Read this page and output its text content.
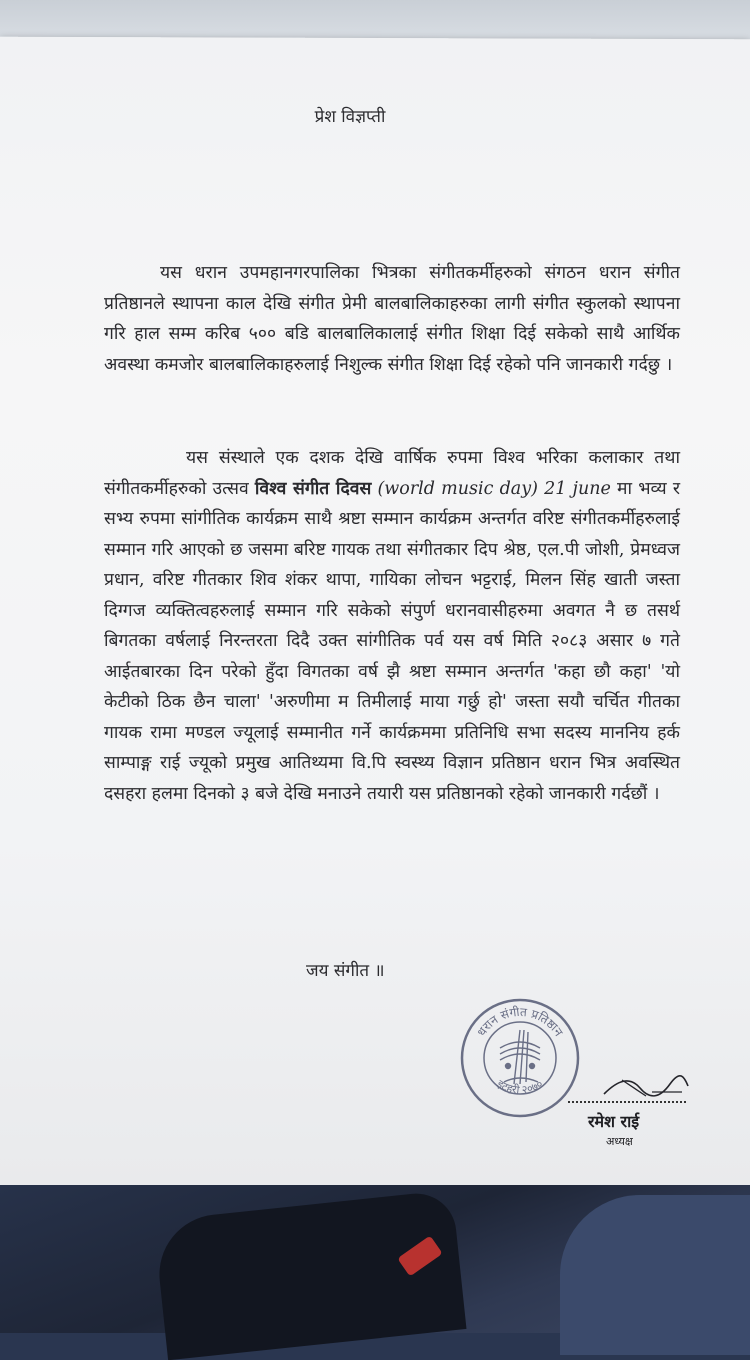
प्रेश विज्ञप्ती

यस धरान उपमहानगरपालिका भित्रका संगीतकर्मीहरुको संगठन धरान संगीत प्रतिष्ठानले स्थापना काल देखि संगीत प्रेमी बालबालिकाहरुका लागी संगीत स्कुलको स्थापना गरि हाल सम्म करिब ५०० बडि बालबालिकालाई संगीत शिक्षा दिई सकेको साथै आर्थिक अवस्था कमजोर बालबालिकाहरुलाई निशुल्क संगीत शिक्षा दिई रहेको पनि जानकारी गर्दछु ।

यस संस्थाले एक दशक देखि वार्षिक रुपमा विश्व भरिका कलाकार तथा संगीतकर्मीहरुको उत्सव विश्व संगीत दिवस (world music day) 21 june मा भव्य र सभ्य रुपमा सांगीतिक कार्यक्रम साथै श्रष्टा सम्मान कार्यक्रम अन्तर्गत वरिष्ट संगीतकर्मीहरुलाई सम्मान गरि आएको छ जसमा बरिष्ट गायक तथा संगीतकार दिप श्रेष्ठ, एल.पी जोशी, प्रेमध्वज प्रधान, वरिष्ट गीतकार शिव शंकर थापा, गायिका लोचन भट्टराई, मिलन सिंह खाती जस्ता दिग्गज व्यक्तित्वहरुलाई सम्मान गरि सकेको संपुर्ण धरानवासीहरुमा अवगत नै छ तसर्थ बिगतका वर्षलाई निरन्तरता दिदै उक्त सांगीतिक पर्व यस वर्ष मिति २०८३ असार ७ गते आईतबारका दिन परेको हुँदा विगतका वर्ष झै श्रष्टा सम्मान अन्तर्गत 'कहा छौ कहा' 'यो केटीको ठिक छैन चाला' 'अरुणीमा म तिमीलाई माया गर्छु हो' जस्ता सयौ चर्चित गीतका गायक रामा मण्डल ज्यूलाई सम्मानीत गर्ने कार्यक्रममा प्रतिनिधि सभा सदस्य माननिय हर्क साम्पाङ्ग राई ज्यूको प्रमुख आतिथ्यमा वि.पि स्वस्थ्य विज्ञान प्रतिष्ठान धरान भित्र अवस्थित दसहरा हलमा दिनको ३ बजे देखि मनाउने तयारी यस प्रतिष्ठानको रहेको जानकारी गर्दछौं ।

जय संगीत ॥
धरान संगीत प्रतिष्ठान
इटहरी २०७०
रमेश राई
अध्यक्ष
